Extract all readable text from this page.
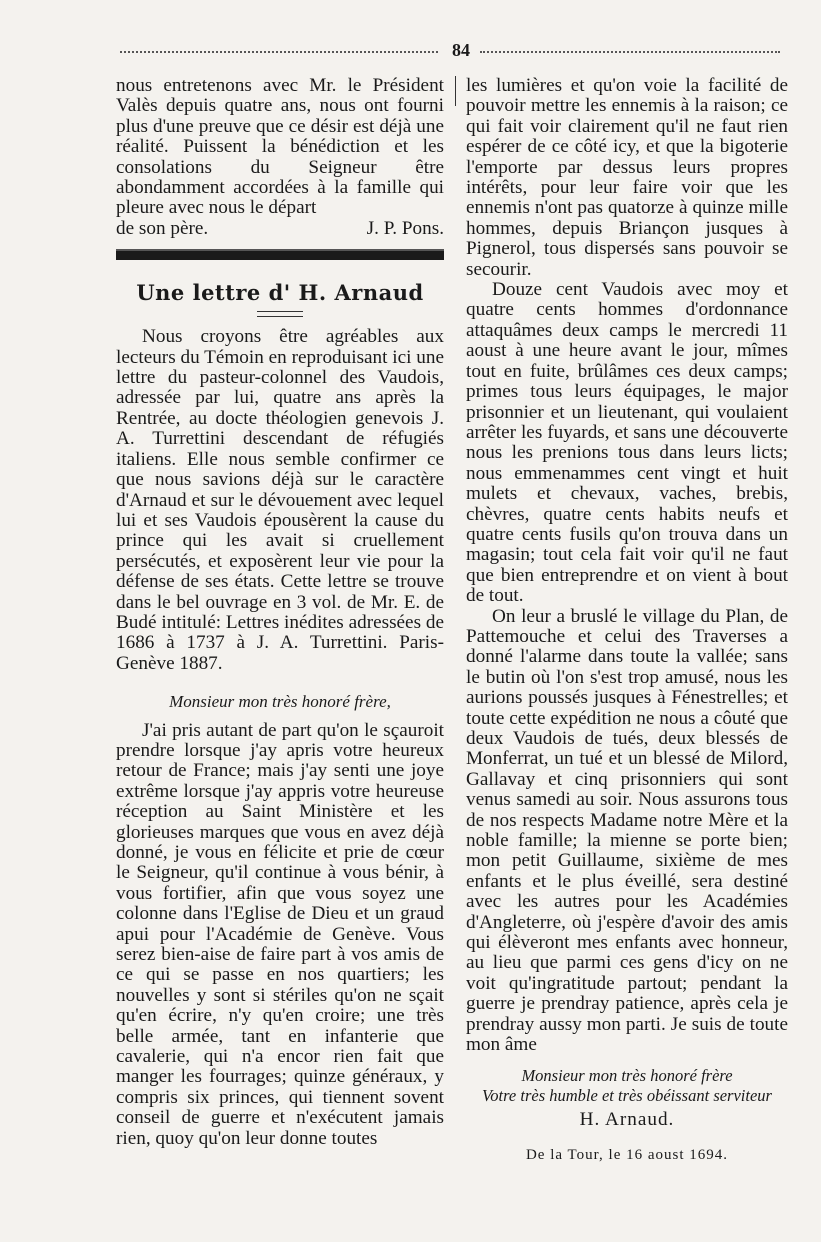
84

nous entretenons avec Mr. le Président Valès depuis quatre ans, nous ont fourni plus d'une preuve que ce désir est déjà une réalité. Puissent la bénédiction et les consolations du Seigneur être abondamment accordées à la famille qui pleure avec nous le départ

de son père.	J. P. Pons.
Une lettre d' H. Arnaud

Nous croyons être agréables aux lecteurs du Témoin en reproduisant ici une lettre du pasteur-colonnel des Vaudois, adressée par lui, quatre ans après la Rentrée, au docte théologien genevois J. A. Turrettini descendant de réfugiés italiens. Elle nous semble confirmer ce que nous savions déjà sur le caractère d'Arnaud et sur le dévouement avec lequel lui et ses Vaudois épousèrent la cause du prince qui les avait si cruellement persécutés, et exposèrent leur vie pour la défense de ses états. Cette lettre se trouve dans le bel ouvrage en 3 vol. de Mr. E. de Budé intitulé: Lettres inédites adressées de 1686 à 1737 à J. A. Turrettini. Paris-Genève 1887.

Monsieur mon très honoré frère,

J'ai pris autant de part qu'on le sçauroit prendre lorsque j'ay apris votre heureux retour de France; mais j'ay senti une joye extrême lorsque j'ay appris votre heureuse réception au Saint Ministère et les glorieuses marques que vous en avez déjà donné, je vous en félicite et prie de cœur le Seigneur, qu'il continue à vous bénir, à vous fortifier, afin que vous soyez une colonne dans l'Eglise de Dieu et un graud apui pour l'Académie de Genève. Vous serez bien-aise de faire part à vos amis de ce qui se passe en nos quartiers; les nouvelles y sont si stériles qu'on ne sçait qu'en écrire, n'y qu'en croire; une très belle armée, tant en infanterie que cavalerie, qui n'a encor rien fait que manger les fourrages; quinze généraux, y compris six princes, qui tiennent sovent conseil de guerre et n'exécutent jamais rien, quoy qu'on leur donne toutes

les lumières et qu'on voie la facilité de pouvoir mettre les ennemis à la raison; ce qui fait voir clairement qu'il ne faut rien espérer de ce côté icy, et que la bigoterie l'emporte par dessus leurs propres intérêts, pour leur faire voir que les ennemis n'ont pas quatorze à quinze mille hommes, depuis Briançon jusques à Pignerol, tous dispersés sans pouvoir se secourir.

Douze cent Vaudois avec moy et quatre cents hommes d'ordonnance attaquâmes deux camps le mercredi 11 aoust à une heure avant le jour, mîmes tout en fuite, brûlâmes ces deux camps; primes tous leurs équipages, le major prisonnier et un lieutenant, qui voulaient arrêter les fuyards, et sans une découverte nous les prenions tous dans leurs licts; nous emmenammes cent vingt et huit mulets et chevaux, vaches, brebis, chèvres, quatre cents habits neufs et quatre cents fusils qu'on trouva dans un magasin; tout cela fait voir qu'il ne faut que bien entreprendre et on vient à bout de tout.

On leur a bruslé le village du Plan, de Pattemouche et celui des Traverses a donné l'alarme dans toute la vallée; sans le butin où l'on s'est trop amusé, nous les aurions poussés jusques à Fénestrelles; et toute cette expédition ne nous a côuté que deux Vaudois de tués, deux blessés de Monferrat, un tué et un blessé de Milord, Gallavay et cinq prisonniers qui sont venus samedi au soir. Nous assurons tous de nos respects Madame notre Mère et la noble famille; la mienne se porte bien; mon petit Guillaume, sixième de mes enfants et le plus éveillé, sera destiné avec les autres pour les Académies d'Angleterre, où j'espère d'avoir des amis qui élèveront mes enfants avec honneur, au lieu que parmi ces gens d'icy on ne voit qu'ingratitude partout; pendant la guerre je prendray patience, après cela je prendray aussy mon parti. Je suis de toute mon âme

Monsieur mon très honoré frère
Votre très humble et très obéissant serviteur
H. Arnaud.
De la Tour, le 16 aoust 1694.
